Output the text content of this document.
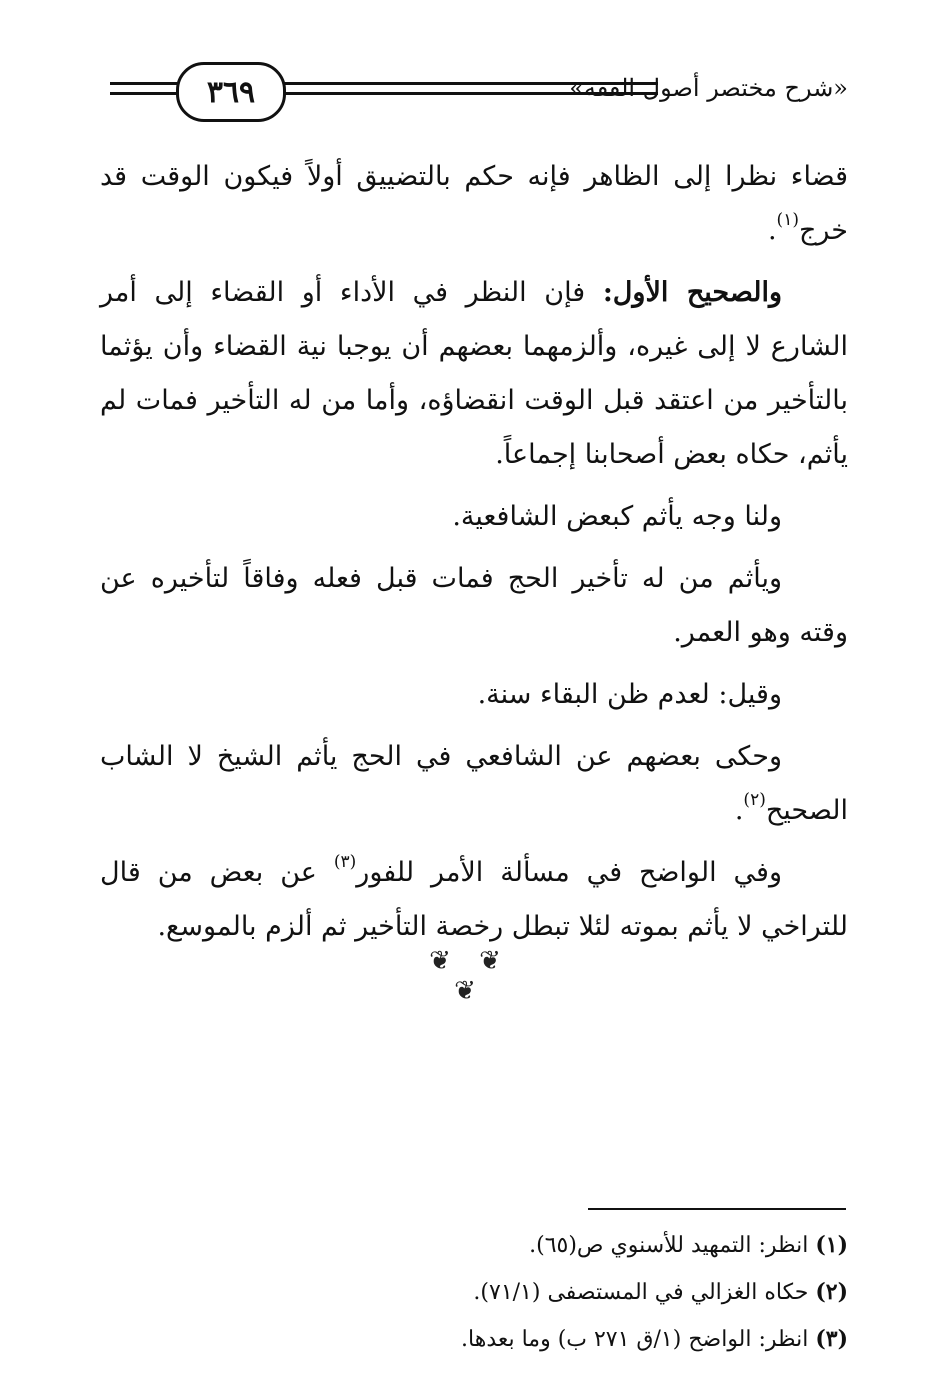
٣٦٩	«شرح مختصر أصول الفقه»

قضاء نظرا إلى الظاهر فإنه حكم بالتضييق أولاً فيكون الوقت قد خرج$^{(١)}$.

والصحيح الأول: فإن النظر في الأداء أو القضاء إلى أمر الشارع لا إلى غيره، وألزمهما بعضهم أن يوجبا نية القضاء وأن يؤثما بالتأخير من اعتقد قبل الوقت انقضاؤه، وأما من له التأخير فمات لم يأثم، حكاه بعض أصحابنا إجماعاً.

ولنا وجه يأثم كبعض الشافعية.

ويأثم من له تأخير الحج فمات قبل فعله وفاقاً لتأخيره عن وقته وهو العمر.

وقيل: لعدم ظن البقاء سنة.

وحكى بعضهم عن الشافعي في الحج يأثم الشيخ لا الشاب الصحيح$^{(٢)}$.

وفي الواضح في مسألة الأمر للفور$^{(٣)}$ عن بعض من قال للتراخي لا يأثم بموته لئلا تبطل رخصة التأخير ثم ألزم بالموسع.

❦ ❦ ❦
(١) انظر: التمهيد للأسنوي ص(٦٥).
(٢) حكاه الغزالي في المستصفى (٧١/١).
(٣) انظر: الواضح (١/ق ٢٧١ ب) وما بعدها.
